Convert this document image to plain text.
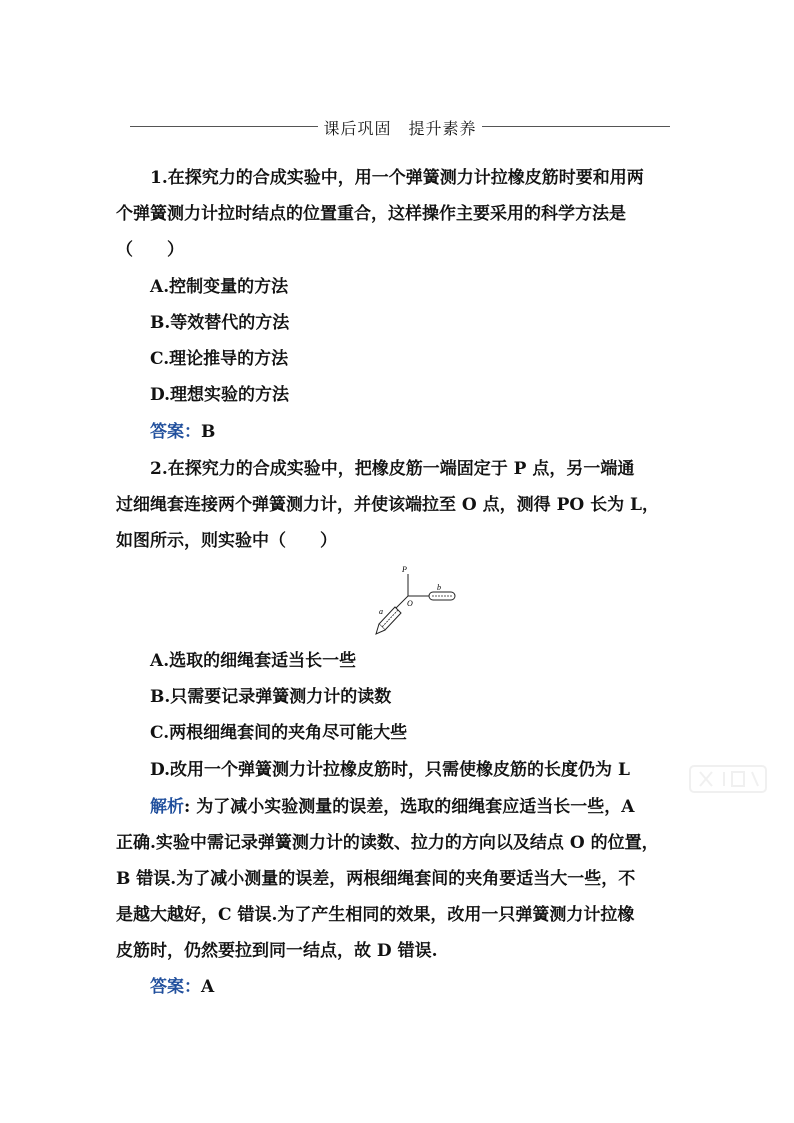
课后巩固　提升素养
1.在探究力的合成实验中，用一个弹簧测力计拉橡皮筋时要和用两
个弹簧测力计拉时结点的位置重合，这样操作主要采用的科学方法是
（　　）
A.控制变量的方法
B.等效替代的方法
C.理论推导的方法
D.理想实验的方法
答案：B
2.在探究力的合成实验中，把橡皮筋一端固定于 P 点，另一端通
过细绳套连接两个弹簧测力计，并使该端拉至 O 点，测得 PO 长为 L，
如图所示，则实验中（　　）
P
O
a
b
A.选取的细绳套适当长一些
B.只需要记录弹簧测力计的读数
C.两根细绳套间的夹角尽可能大些
D.改用一个弹簧测力计拉橡皮筋时，只需使橡皮筋的长度仍为 L
解析: 为了减小实验测量的误差，选取的细绳套应适当长一些，A
正确.实验中需记录弹簧测力计的读数、拉力的方向以及结点 O 的位置，
B 错误.为了减小测量的误差，两根细绳套间的夹角要适当大一些，不
是越大越好，C 错误.为了产生相同的效果，改用一只弹簧测力计拉橡
皮筋时，仍然要拉到同一结点，故 D 错误.
答案：A
